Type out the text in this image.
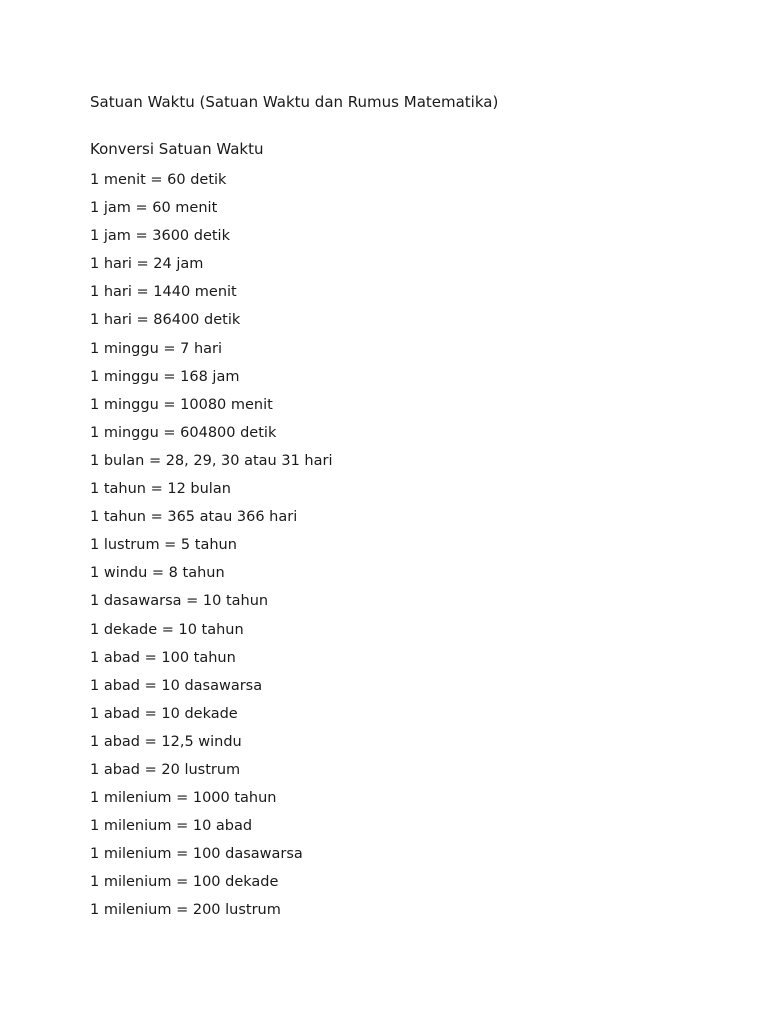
Satuan Waktu (Satuan Waktu dan Rumus Matematika)
Konversi Satuan Waktu
1 menit = 60 detik
1 jam = 60 menit
1 jam = 3600 detik
1 hari = 24 jam
1 hari = 1440 menit
1 hari = 86400 detik
1 minggu = 7 hari
1 minggu = 168 jam
1 minggu = 10080 menit
1 minggu = 604800 detik
1 bulan = 28, 29, 30 atau 31 hari
1 tahun = 12 bulan
1 tahun = 365 atau 366 hari
1 lustrum = 5 tahun
1 windu = 8 tahun
1 dasawarsa = 10 tahun
1 dekade = 10 tahun
1 abad = 100 tahun
1 abad = 10 dasawarsa
1 abad = 10 dekade
1 abad = 12,5 windu
1 abad = 20 lustrum
1 milenium = 1000 tahun
1 milenium = 10 abad
1 milenium = 100 dasawarsa
1 milenium = 100 dekade
1 milenium = 200 lustrum
